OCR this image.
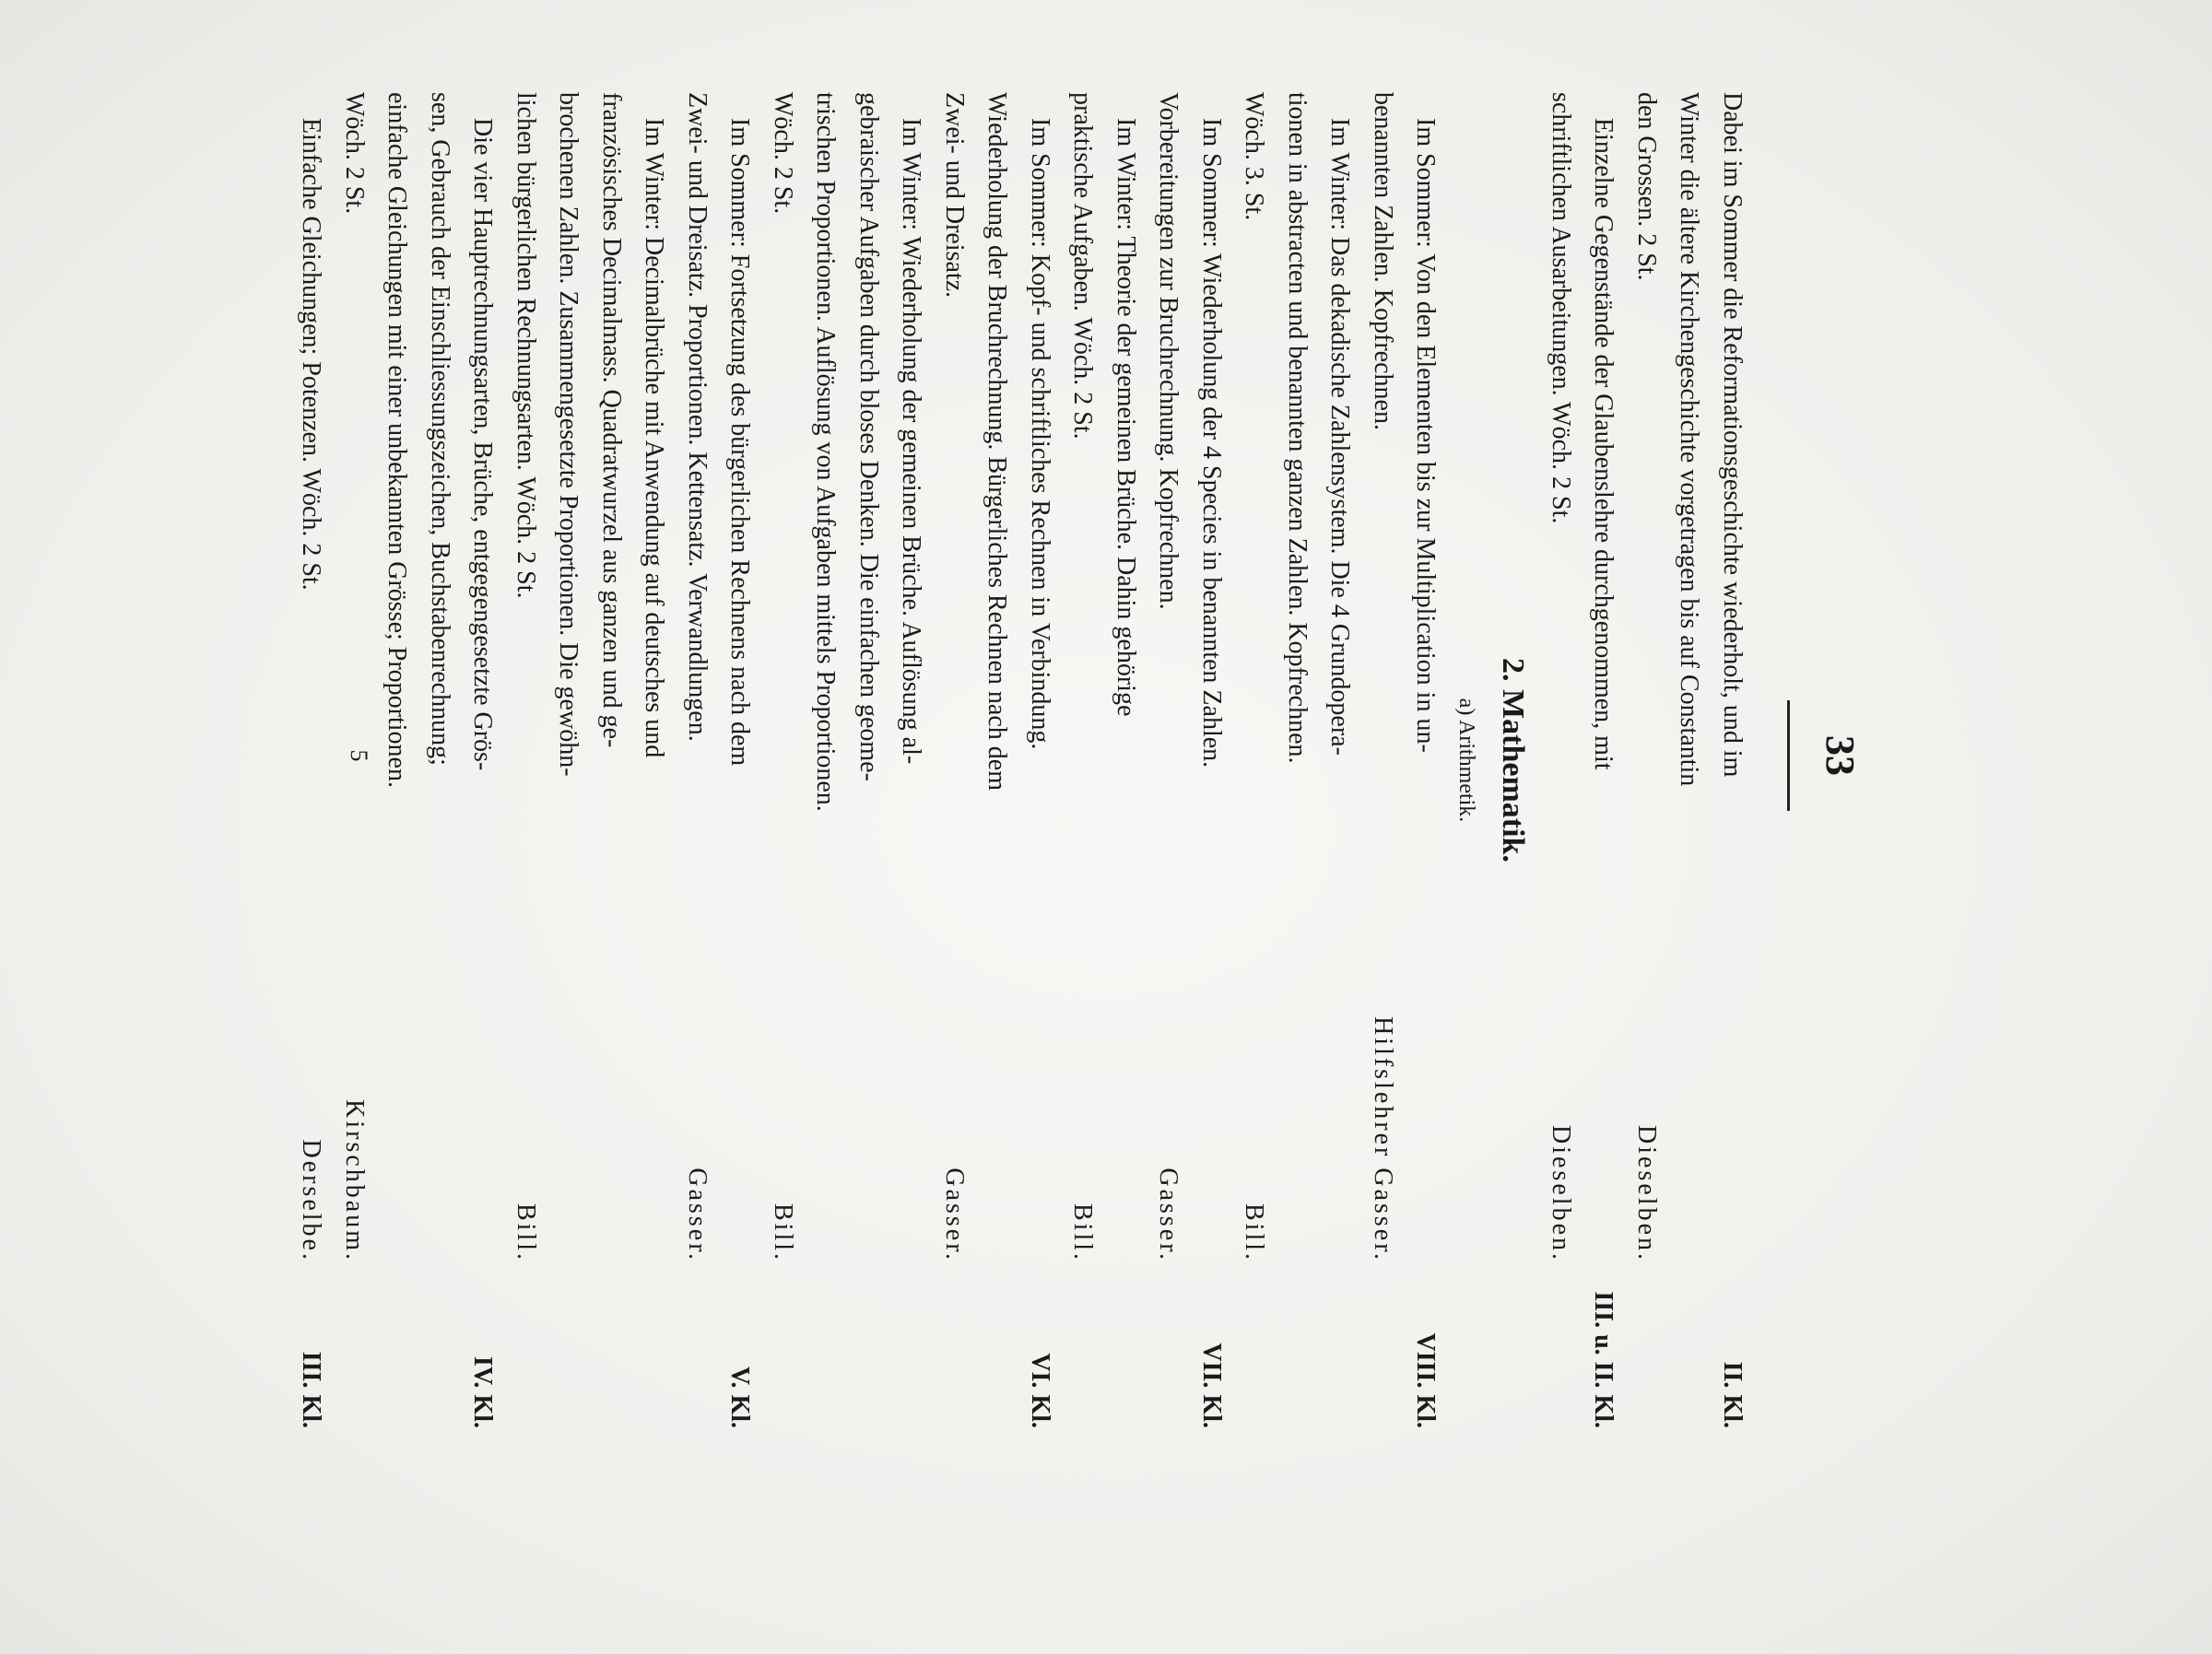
33
Dabei im Sommer die Reformationsgeschichte wiederholt, und im
II. Kl.
Winter die ältere Kirchengeschichte vorgetragen bis auf Constantin
den Grossen. 2 St.
Dieselben.
Einzelne Gegenstände der Glaubenslehre durchgenommen, mit
III. u. II. Kl.
schriftlichen Ausarbeitungen. Wöch. 2 St.
Dieselben.
2. Mathematik.
a) Arithmetik.
Im Sommer: Von den Elementen bis zur Multiplication in un-
VIII. Kl.
benannten Zahlen. Kopfrechnen.
Hilfslehrer Gasser.
Im Winter: Das dekadische Zahlensystem. Die 4 Grundopera-
tionen in abstracten und benannten ganzen Zahlen. Kopfrechnen.
Wöch. 3. St.
Bill.
Im Sommer: Wiederholung der 4 Species in benannten Zahlen.
VII. Kl.
Vorbereitungen zur Bruchrechnung. Kopfrechnen.
Gasser.
Im Winter: Theorie der gemeinen Brüche. Dahin gehörige
praktische Aufgaben. Wöch. 2 St.
Bill.
Im Sommer: Kopf- und schriftliches Rechnen in Verbindung.
VI. Kl.
Wiederholung der Bruchrechnung. Bürgerliches Rechnen nach dem
Zwei- und Dreisatz.
Gasser.
Im Winter: Wiederholung der gemeinen Brüche. Auflösung al-
gebraischer Aufgaben durch bloses Denken. Die einfachen geome-
trischen Proportionen. Auflösung von Aufgaben mittels Proportionen.
Wöch. 2 St.
Bill.
Im Sommer: Fortsetzung des bürgerlichen Rechnens nach dem
V. Kl.
Zwei- und Dreisatz. Proportionen. Kettensatz. Verwandlungen.
Gasser.
Im Winter: Decimalbrüche mit Anwendung auf deutsches und
französisches Decimalmass. Quadratwurzel aus ganzen und ge-
brochenen Zahlen. Zusammengesetzte Proportionen. Die gewöhn-
lichen bürgerlichen Rechnungsarten. Wöch. 2 St.
Bill.
Die vier Hauptrechnungsarten, Brüche, entgegengesetzte Grös-
IV. Kl.
sen, Gebrauch der Einschliessungszeichen, Buchstabenrechnung;
einfache Gleichungen mit einer unbekannten Grösse; Proportionen.
Wöch. 2 St.
Kirschbaum.
Einfache Gleichungen; Potenzen. Wöch. 2 St.
Derselbe.
III. Kl.
5
